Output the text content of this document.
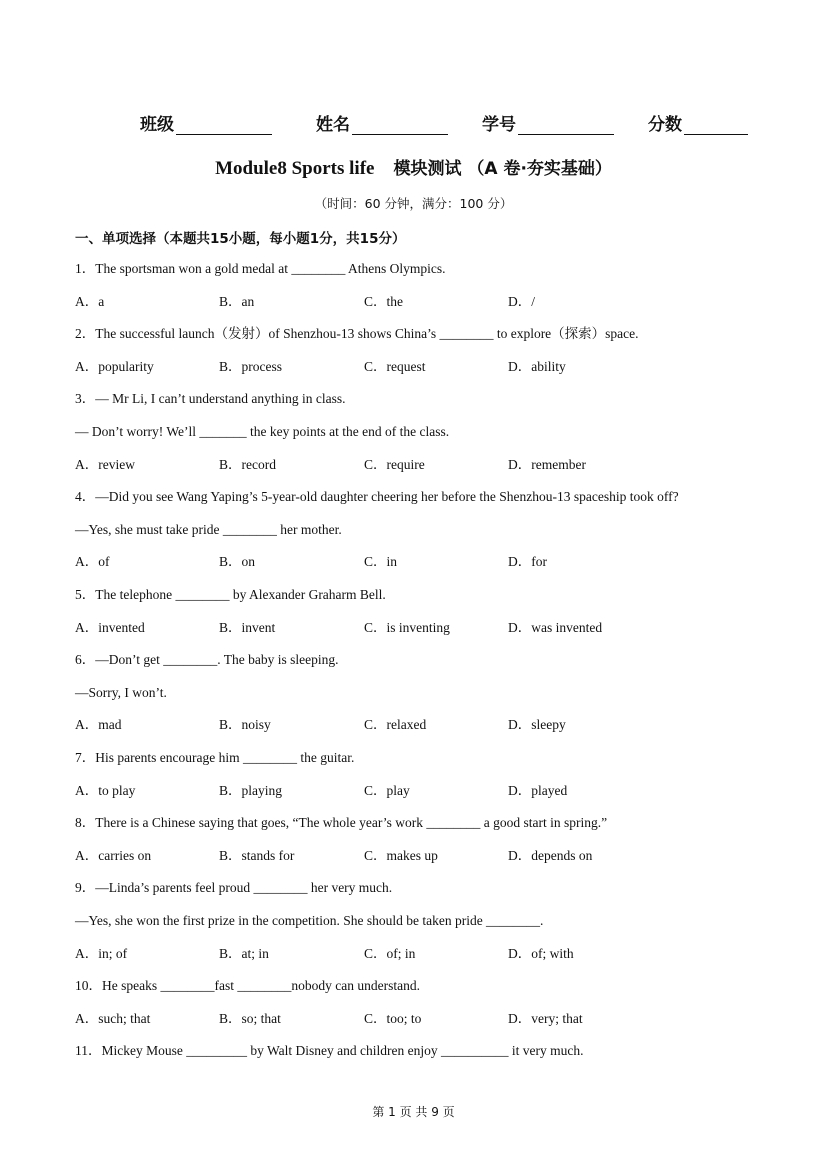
班级	姓名	学号	分数
Module8 Sports life 模块测试 （A 卷·夯实基础）
（时间：60 分钟，满分：100 分）
一、单项选择（本题共15小题，每小题1分，共15分）
1．The sportsman won a gold medal at ________ Athens Olympics.
A．a	B．an	C．the	D．/
2．The successful launch（发射）of Shenzhou-13 shows China’s ________ to explore（探索）space.
A．popularity	B．process	C．request	D．ability
3．— Mr Li, I can’t understand anything in class.
— Don’t worry! We’ll _______ the key points at the end of the class.
A．review	B．record	C．require	D．remember
4．—Did you see Wang Yaping’s 5-year-old daughter cheering her before the Shenzhou-13 spaceship took off?
—Yes, she must take pride ________ her mother.
A．of	B．on	C．in	D．for
5．The telephone ________ by Alexander Graharm Bell.
A．invented	B．invent	C．is inventing	D．was invented
6．—Don’t get ________. The baby is sleeping.
—Sorry, I won’t.
A．mad	B．noisy	C．relaxed	D．sleepy
7．His parents encourage him ________ the guitar.
A．to play	B．playing	C．play	D．played
8．There is a Chinese saying that goes, “The whole year’s work ________ a good start in spring.”
A．carries on	B．stands for	C．makes up	D．depends on
9．—Linda’s parents feel proud ________ her very much.
—Yes, she won the first prize in the competition. She should be taken pride ________.
A．in; of	B．at; in	C．of; in	D．of; with
10．He speaks ________fast ________nobody can understand.
A．such; that	B．so; that	C．too; to	D．very; that
11．Mickey Mouse _________ by Walt Disney and children enjoy __________ it very much.
第 1 页 共 9 页
